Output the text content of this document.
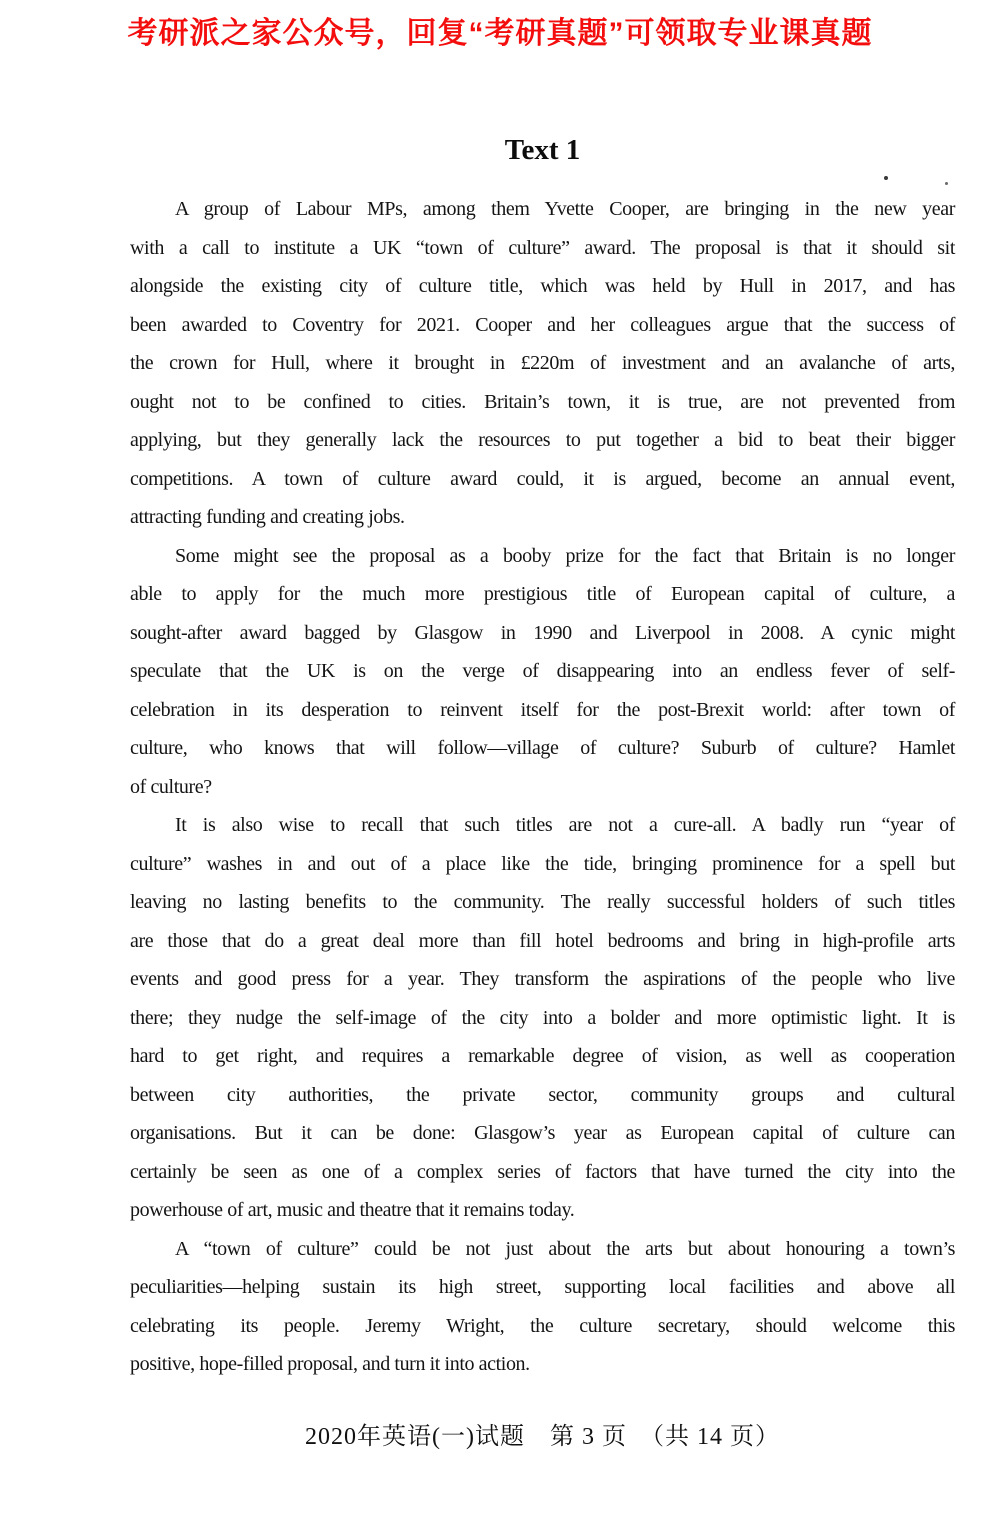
考研派之家公众号，回复“考研真题”可领取专业课真题
Text 1
A group of Labour MPs, among them Yvette Cooper, are bringing in the new year
with a call to institute a UK “town of culture” award. The proposal is that it should sit
alongside the existing city of culture title, which was held by Hull in 2017, and has
been awarded to Coventry for 2021. Cooper and her colleagues argue that the success of
the crown for Hull, where it brought in £220m of investment and an avalanche of arts,
ought not to be confined to cities. Britain’s town, it is true, are not prevented from
applying, but they generally lack the resources to put together a bid to beat their bigger
competitions. A town of culture award could, it is argued, become an annual event,
attracting funding and creating jobs.
Some might see the proposal as a booby prize for the fact that Britain is no longer
able to apply for the much more prestigious title of European capital of culture, a
sought-after award bagged by Glasgow in 1990 and Liverpool in 2008. A cynic might
speculate that the UK is on the verge of disappearing into an endless fever of self-
celebration in its desperation to reinvent itself for the post-Brexit world: after town of
culture, who knows that will follow—village of culture? Suburb of culture? Hamlet
of culture?
It is also wise to recall that such titles are not a cure-all. A badly run “year of
culture” washes in and out of a place like the tide, bringing prominence for a spell but
leaving no lasting benefits to the community. The really successful holders of such titles
are those that do a great deal more than fill hotel bedrooms and bring in high-profile arts
events and good press for a year. They transform the aspirations of the people who live
there; they nudge the self-image of the city into a bolder and more optimistic light. It is
hard to get right, and requires a remarkable degree of vision, as well as cooperation
between city authorities, the private sector, community groups and cultural
organisations. But it can be done: Glasgow’s year as European capital of culture can
certainly be seen as one of a complex series of factors that have turned the city into the
powerhouse of art, music and theatre that it remains today.
A “town of culture” could be not just about the arts but about honouring a town’s
peculiarities—helping sustain its high street, supporting local facilities and above all
celebrating its people. Jeremy Wright, the culture secretary, should welcome this
positive, hope-filled proposal, and turn it into action.
2020年英语(一)试题　第 3 页　（共 14 页）
